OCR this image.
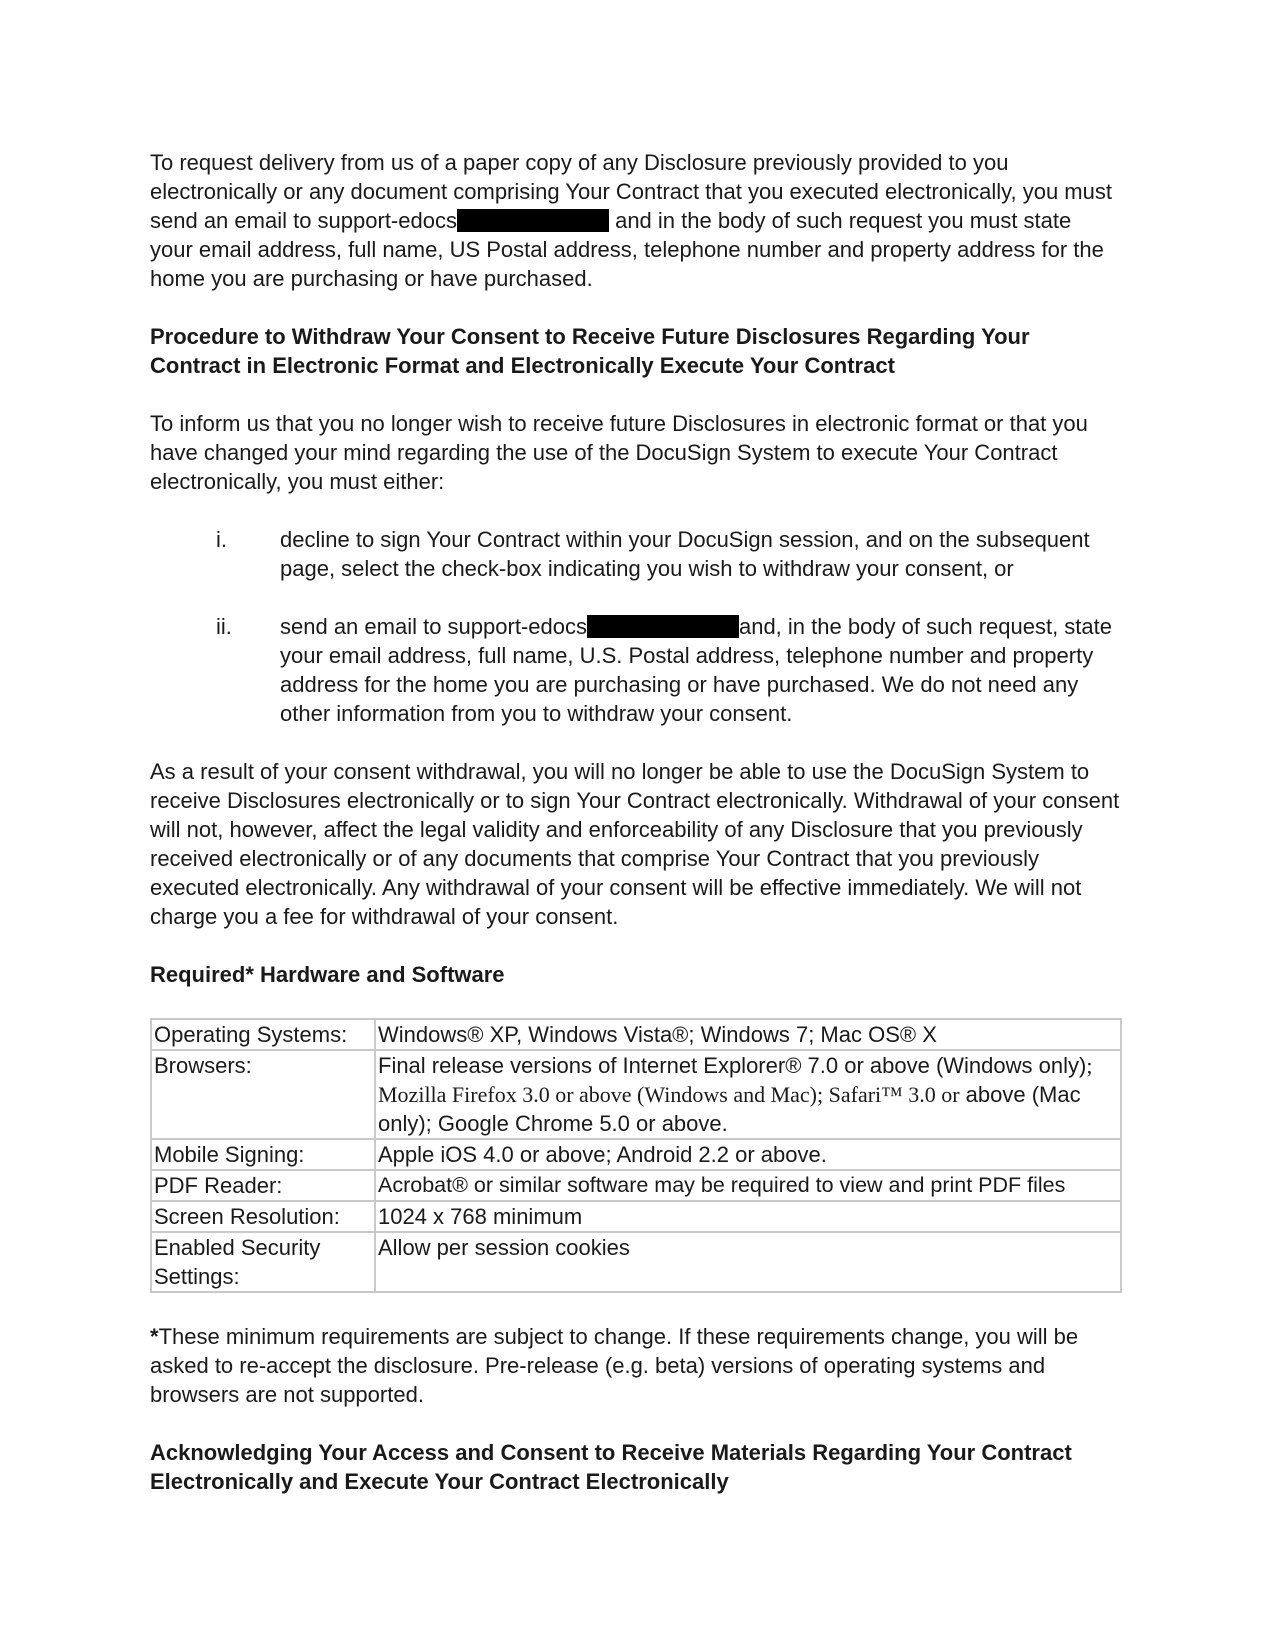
To request delivery from us of a paper copy of any Disclosure previously provided to you electronically or any document comprising Your Contract that you executed electronically, you must send an email to support-edocs	and in the body of such request you must state your email address, full name, US Postal address, telephone number and property address for the home you are purchasing or have purchased.

Procedure to Withdraw Your Consent to Receive Future Disclosures Regarding Your Contract in Electronic Format and Electronically Execute Your Contract

To inform us that you no longer wish to receive future Disclosures in electronic format or that you have changed your mind regarding the use of the DocuSign System to execute Your Contract electronically, you must either:

i.	decline to sign Your Contract within your DocuSign session, and on the subsequent page, select the check-box indicating you wish to withdraw your consent, or
ii.	send an email to support-edocs	and, in the body of such request, state your email address, full name, U.S. Postal address, telephone number and property address for the home you are purchasing or have purchased. We do not need any other information from you to withdraw your consent.

As a result of your consent withdrawal, you will no longer be able to use the DocuSign System to receive Disclosures electronically or to sign Your Contract electronically. Withdrawal of your consent will not, however, affect the legal validity and enforceability of any Disclosure that you previously received electronically or of any documents that comprise Your Contract that you previously executed electronically. Any withdrawal of your consent will be effective immediately. We will not charge you a fee for withdrawal of your consent.

Required* Hardware and Software

Operating Systems:	Windows® XP, Windows Vista®; Windows 7; Mac OS® X
Browsers:	Final release versions of Internet Explorer® 7.0 or above (Windows only); Mozilla Firefox 3.0 or above (Windows and Mac); Safari™ 3.0 or above (Mac only); Google Chrome 5.0 or above.
Mobile Signing:	Apple iOS 4.0 or above; Android 2.2 or above.
PDF Reader:	Acrobat® or similar software may be required to view and print PDF files
Screen Resolution:	1024 x 768 minimum
Enabled Security Settings:	Allow per session cookies

*These minimum requirements are subject to change. If these requirements change, you will be asked to re-accept the disclosure. Pre-release (e.g. beta) versions of operating systems and browsers are not supported.

Acknowledging Your Access and Consent to Receive Materials Regarding Your Contract Electronically and Execute Your Contract Electronically
